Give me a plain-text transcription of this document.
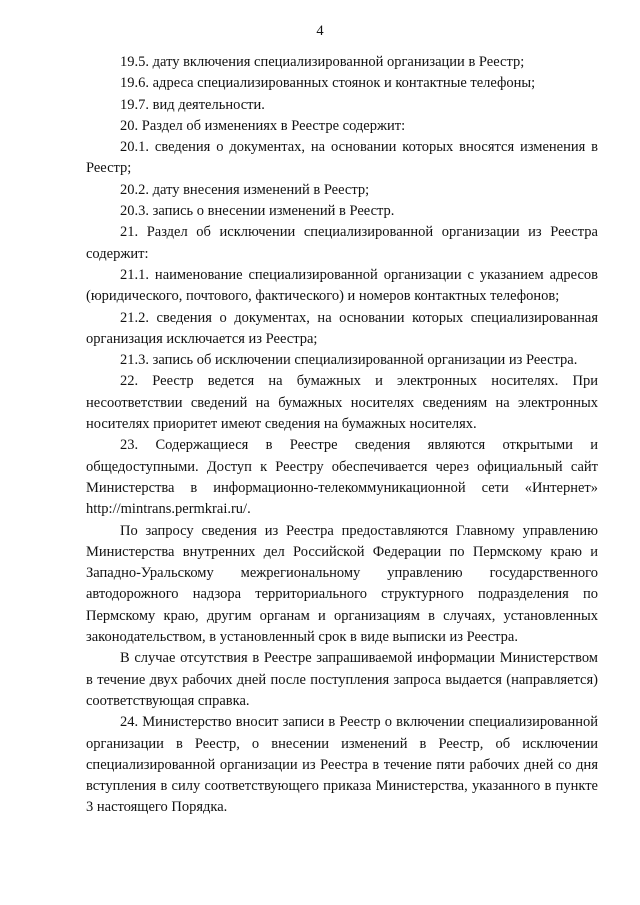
4

19.5. дату включения специализированной организации в Реестр;

19.6. адреса специализированных стоянок и контактные телефоны;

19.7. вид деятельности.

20. Раздел об изменениях в Реестре содержит:

20.1. сведения о документах, на основании которых вносятся изменения в Реестр;

20.2. дату внесения изменений в Реестр;

20.3. запись о внесении изменений в Реестр.

21. Раздел об исключении специализированной организации из Реестра содержит:

21.1. наименование специализированной организации с указанием адресов (юридического, почтового, фактического) и номеров контактных телефонов;

21.2. сведения о документах, на основании которых специализированная организация исключается из Реестра;

21.3. запись об исключении специализированной организации из Реестра.

22. Реестр ведется на бумажных и электронных носителях. При несоответствии сведений на бумажных носителях сведениям на электронных носителях приоритет имеют сведения на бумажных носителях.

23. Содержащиеся в Реестре сведения являются открытыми и общедоступными. Доступ к Реестру обеспечивается через официальный сайт Министерства в информационно-телекоммуникационной сети «Интернет» http://mintrans.permkrai.ru/.

По запросу сведения из Реестра предоставляются Главному управлению Министерства внутренних дел Российской Федерации по Пермскому краю и Западно-Уральскому межрегиональному управлению государственного автодорожного надзора территориального структурного подразделения по Пермскому краю, другим органам и организациям в случаях, установленных законодательством, в установленный срок в виде выписки из Реестра.

В случае отсутствия в Реестре запрашиваемой информации Министерством в течение двух рабочих дней после поступления запроса выдается (направляется) соответствующая справка.

24. Министерство вносит записи в Реестр о включении специализированной организации в Реестр, о внесении изменений в Реестр, об исключении специализированной организации из Реестра в течение пяти рабочих дней со дня вступления в силу соответствующего приказа Министерства, указанного в пункте 3 настоящего Порядка.
